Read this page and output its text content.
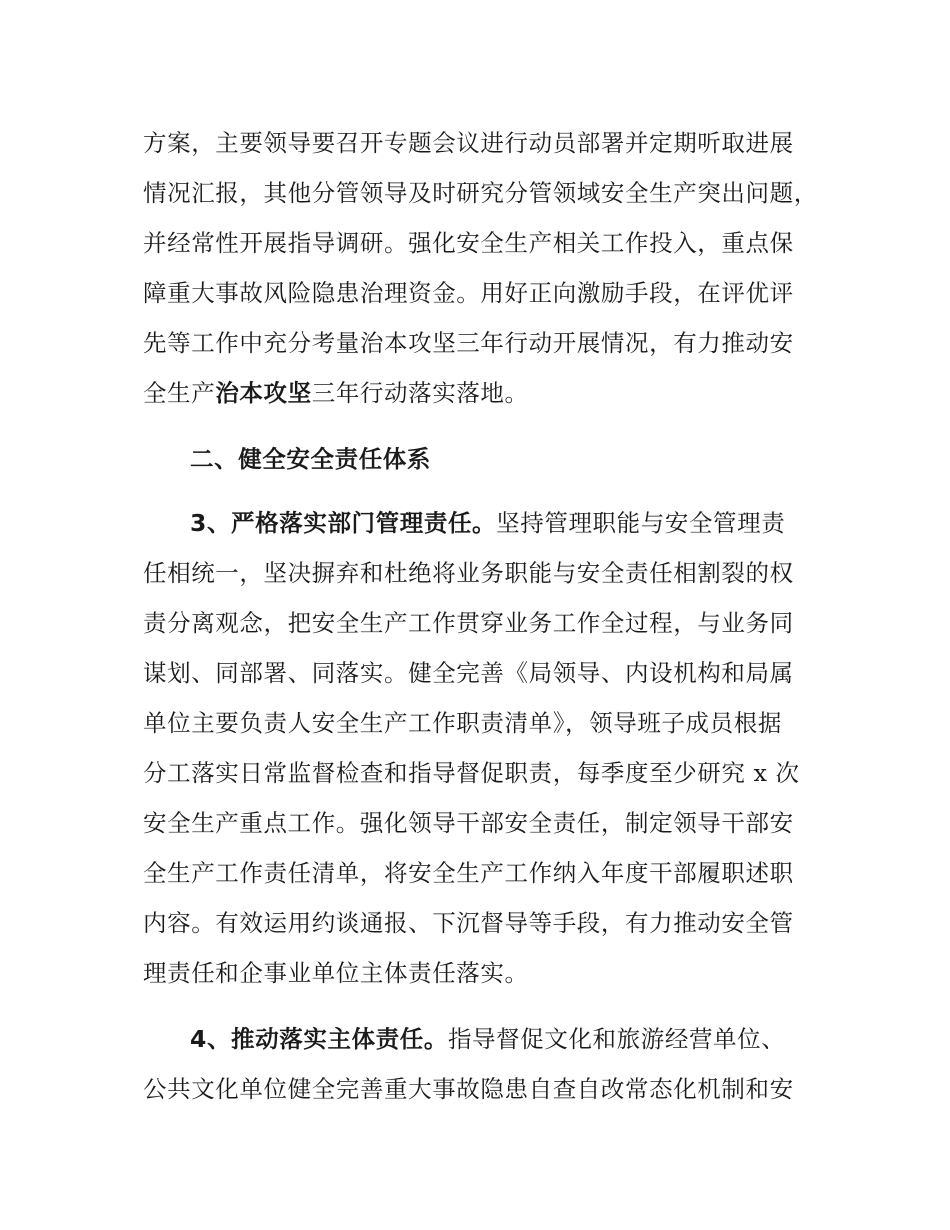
方案，主要领导要召开专题会议进行动员部署并定期听取进展
情况汇报，其他分管领导及时研究分管领域安全生产突出问题，
并经常性开展指导调研。强化安全生产相关工作投入，重点保
障重大事故风险隐患治理资金。用好正向激励手段，在评优评
先等工作中充分考量治本攻坚三年行动开展情况，有力推动安
全生产治本攻坚三年行动落实落地。
二、健全安全责任体系
3、严格落实部门管理责任。坚持管理职能与安全管理责
任相统一，坚决摒弃和杜绝将业务职能与安全责任相割裂的权
责分离观念，把安全生产工作贯穿业务工作全过程，与业务同
谋划、同部署、同落实。健全完善《局领导、内设机构和局属
单位主要负责人安全生产工作职责清单》，领导班子成员根据
分工落实日常监督检查和指导督促职责，每季度至少研究 x 次
安全生产重点工作。强化领导干部安全责任，制定领导干部安
全生产工作责任清单，将安全生产工作纳入年度干部履职述职
内容。有效运用约谈通报、下沉督导等手段，有力推动安全管
理责任和企事业单位主体责任落实。
4、推动落实主体责任。指导督促文化和旅游经营单位、
公共文化单位健全完善重大事故隐患自查自改常态化机制和安
